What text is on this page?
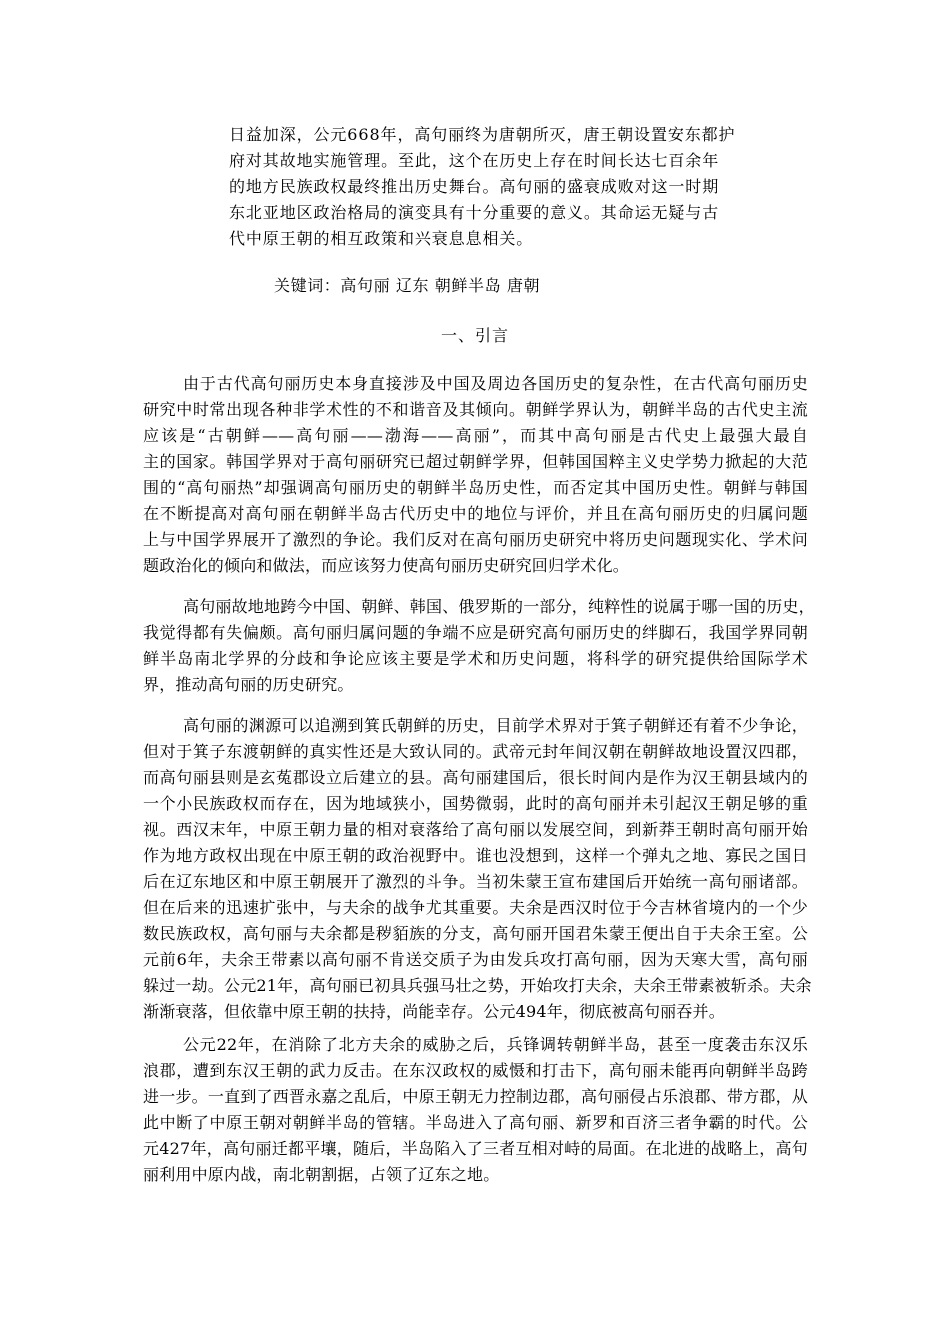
日益加深，公元668年，高句丽终为唐朝所灭，唐王朝设置安东都护
府对其故地实施管理。至此，这个在历史上存在时间长达七百余年
的地方民族政权最终推出历史舞台。高句丽的盛衰成败对这一时期
东北亚地区政治格局的演变具有十分重要的意义。其命运无疑与古
代中原王朝的相互政策和兴衰息息相关。
关键词：高句丽 辽东 朝鲜半岛 唐朝
一、引言
由于古代高句丽历史本身直接涉及中国及周边各国历史的复杂性，在古代高句丽历史
研究中时常出现各种非学术性的不和谐音及其倾向。朝鲜学界认为，朝鲜半岛的古代史主流
应该是“古朝鲜——高句丽——渤海——高丽”，而其中高句丽是古代史上最强大最自
主的国家。韩国学界对于高句丽研究已超过朝鲜学界，但韩国国粹主义史学势力掀起的大范
围的“高句丽热”却强调高句丽历史的朝鲜半岛历史性，而否定其中国历史性。朝鲜与韩国
在不断提高对高句丽在朝鲜半岛古代历史中的地位与评价，并且在高句丽历史的归属问题
上与中国学界展开了激烈的争论。我们反对在高句丽历史研究中将历史问题现实化、学术问
题政治化的倾向和做法，而应该努力使高句丽历史研究回归学术化。
高句丽故地地跨今中国、朝鲜、韩国、俄罗斯的一部分，纯粹性的说属于哪一国的历史，
我觉得都有失偏颇。高句丽归属问题的争端不应是研究高句丽历史的绊脚石，我国学界同朝
鲜半岛南北学界的分歧和争论应该主要是学术和历史问题，将科学的研究提供给国际学术
界，推动高句丽的历史研究。
高句丽的渊源可以追溯到箕氏朝鲜的历史，目前学术界对于箕子朝鲜还有着不少争论，
但对于箕子东渡朝鲜的真实性还是大致认同的。武帝元封年间汉朝在朝鲜故地设置汉四郡，
而高句丽县则是玄菟郡设立后建立的县。高句丽建国后，很长时间内是作为汉王朝县域内的
一个小民族政权而存在，因为地域狭小，国势微弱，此时的高句丽并未引起汉王朝足够的重
视。西汉末年，中原王朝力量的相对衰落给了高句丽以发展空间，到新莽王朝时高句丽开始
作为地方政权出现在中原王朝的政治视野中。谁也没想到，这样一个弹丸之地、寡民之国日
后在辽东地区和中原王朝展开了激烈的斗争。当初朱蒙王宣布建国后开始统一高句丽诸部。
但在后来的迅速扩张中，与夫余的战争尤其重要。夫余是西汉时位于今吉林省境内的一个少
数民族政权，高句丽与夫余都是秽貊族的分支，高句丽开国君朱蒙王便出自于夫余王室。公
元前6年，夫余王带素以高句丽不肯送交质子为由发兵攻打高句丽，因为天寒大雪，高句丽
躲过一劫。公元21年，高句丽已初具兵强马壮之势，开始攻打夫余，夫余王带素被斩杀。夫余
渐渐衰落，但依靠中原王朝的扶持，尚能幸存。公元494年，彻底被高句丽吞并。
公元22年，在消除了北方夫余的威胁之后，兵锋调转朝鲜半岛，甚至一度袭击东汉乐
浪郡，遭到东汉王朝的武力反击。在东汉政权的威慑和打击下，高句丽未能再向朝鲜半岛跨
进一步。一直到了西晋永嘉之乱后，中原王朝无力控制边郡，高句丽侵占乐浪郡、带方郡，从
此中断了中原王朝对朝鲜半岛的管辖。半岛进入了高句丽、新罗和百济三者争霸的时代。公
元427年，高句丽迁都平壤，随后，半岛陷入了三者互相对峙的局面。在北进的战略上，高句
丽利用中原内战，南北朝割据，占领了辽东之地。
